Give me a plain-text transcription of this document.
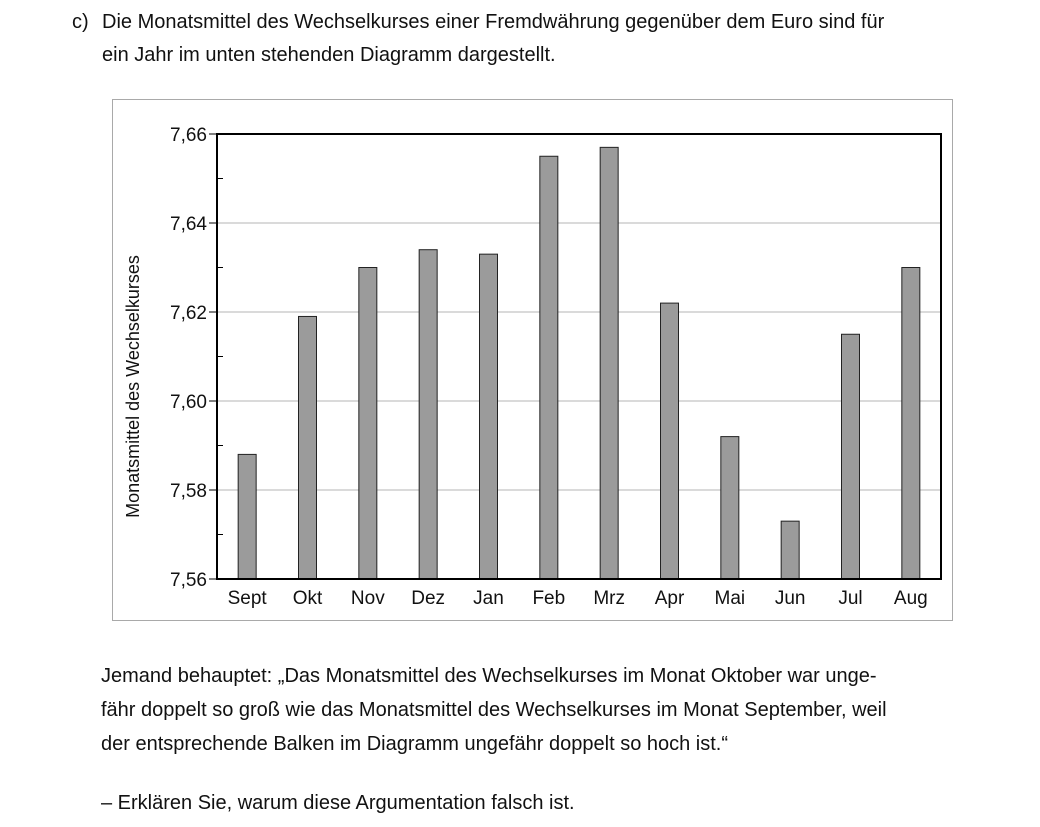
c) Die Monatsmittel des Wechselkurses einer Fremdwährung gegenüber dem Euro sind für
ein Jahr im unten stehenden Diagramm dargestellt.
7,56
7,58
7,60
7,62
7,64
7,66
Sept Okt Nov Dez Jan Feb Mrz Apr Mai Jun Jul Aug
Monatsmittel des Wechselkurses
Jemand behauptet: „Das Monatsmittel des Wechselkurses im Monat Oktober war unge-
fähr doppelt so groß wie das Monatsmittel des Wechselkurses im Monat September, weil
der entsprechende Balken im Diagramm ungefähr doppelt so hoch ist.“
– Erklären Sie, warum diese Argumentation falsch ist.
